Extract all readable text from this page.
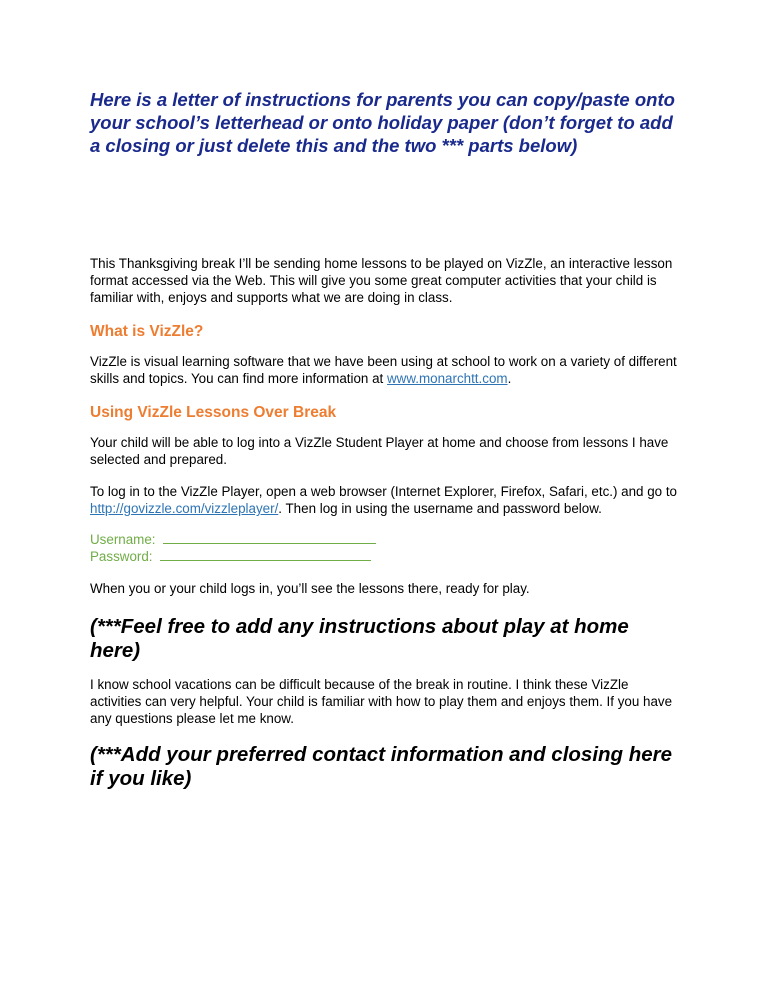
Here is a letter of instructions for parents you can copy/paste onto your school’s letterhead or onto holiday paper (don’t forget to add a closing or just delete this and the two *** parts below)

This Thanksgiving break I’ll be sending home lessons to be played on VizZle, an interactive lesson format accessed via the Web. This will give you some great computer activities that your child is familiar with, enjoys and supports what we are doing in class.

What is VizZle?

VizZle is visual learning software that we have been using at school to work on a variety of different skills and topics. You can find more information at www.monarchtt.com.

Using VizZle Lessons Over Break

Your child will be able to log into a VizZle Student Player at home and choose from lessons I have selected and prepared.

To log in to the VizZle Player, open a web browser (Internet Explorer, Firefox, Safari, etc.) and go to http://govizzle.com/vizzleplayer/. Then log in using the username and password below.

Username:

Password:

When you or your child logs in, you’ll see the lessons there, ready for play.

(***Feel free to add any instructions about play at home here)

I know school vacations can be difficult because of the break in routine. I think these VizZle activities can very helpful. Your child is familiar with how to play them and enjoys them. If you have any questions please let me know.

(***Add your preferred contact information and closing here if you like)
